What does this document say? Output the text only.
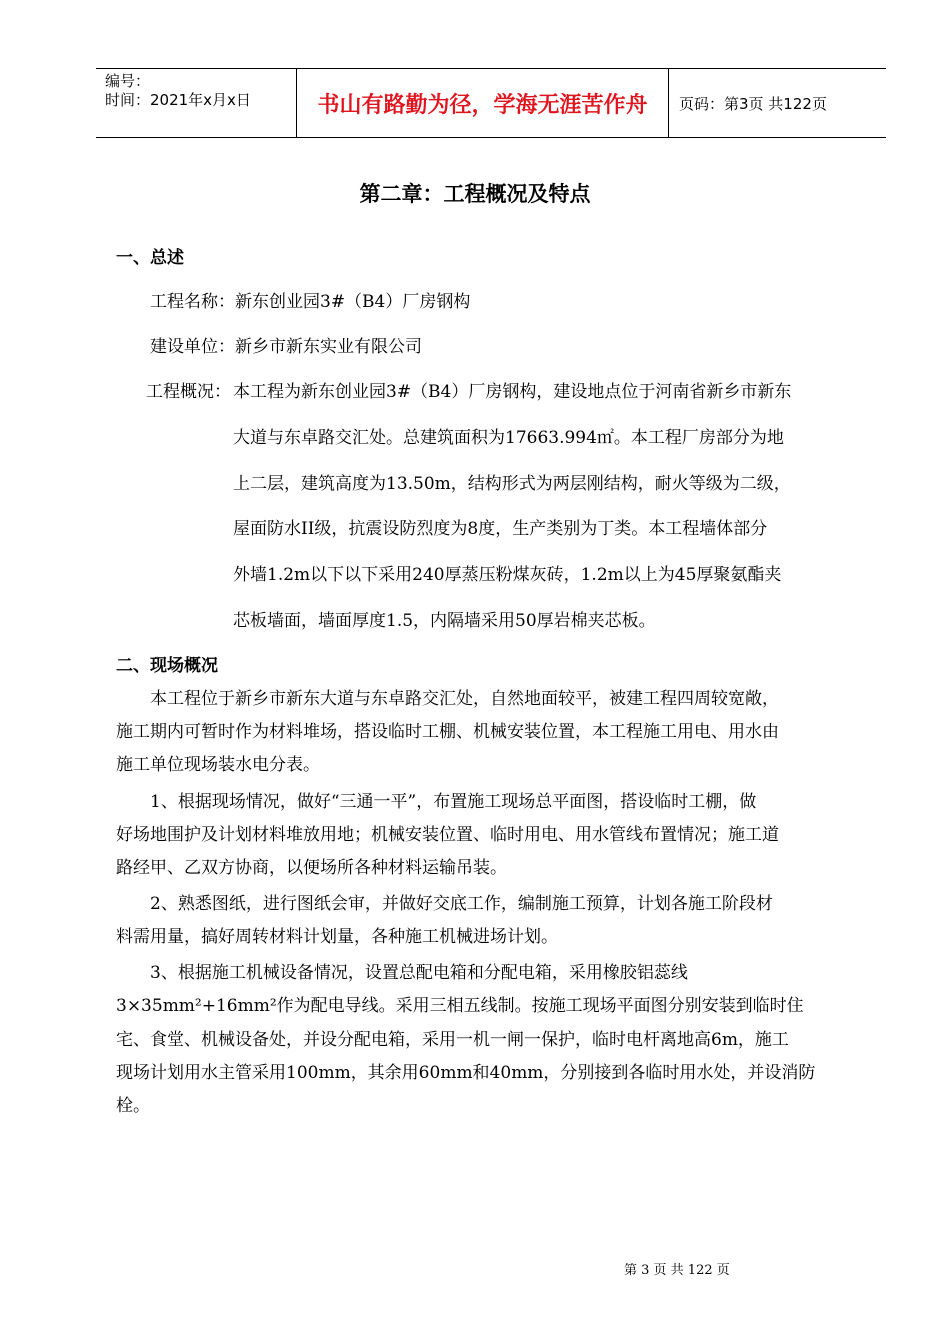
编号：
时间：2021年x月x日	书山有路勤为径，学海无涯苦作舟	页码：第3页 共122页
第二章：工程概况及特点
一、总述
工程名称：新东创业园3#（B4）厂房钢构
建设单位：新乡市新东实业有限公司
工程概况： 本工程为新东创业园3#（B4）厂房钢构，建设地点位于河南省新乡市新东
大道与东卓路交汇处。总建筑面积为17663.994㎡。本工程厂房部分为地
上二层，建筑高度为13.50m，结构形式为两层刚结构，耐火等级为二级，
屋面防水II级，抗震设防烈度为8度，生产类别为丁类。本工程墙体部分
外墙1.2m以下以下采用240厚蒸压粉煤灰砖，1.2m以上为45厚聚氨酯夹
芯板墙面，墙面厚度1.5，内隔墙采用50厚岩棉夹芯板。
二、现场概况
本工程位于新乡市新东大道与东卓路交汇处，自然地面较平，被建工程四周较宽敞，
施工期内可暂时作为材料堆场，搭设临时工棚、机械安装位置，本工程施工用电、用水由
施工单位现场装水电分表。
1、根据现场情况，做好“三通一平”，布置施工现场总平面图，搭设临时工棚，做
好场地围护及计划材料堆放用地；机械安装位置、临时用电、用水管线布置情况；施工道
路经甲、乙双方协商，以便场所各种材料运输吊装。
2、熟悉图纸，进行图纸会审，并做好交底工作，编制施工预算，计划各施工阶段材
料需用量，搞好周转材料计划量，各种施工机械进场计划。
3、根据施工机械设备情况，设置总配电箱和分配电箱，采用橡胶铝蕊线
3×35mm²+16mm²作为配电导线。采用三相五线制。按施工现场平面图分别安装到临时住
宅、食堂、机械设备处，并设分配电箱，采用一机一闸一保护，临时电杆离地高6m，施工
现场计划用水主管采用100mm，其余用60mm和40mm，分别接到各临时用水处，并设消防
栓。
第 3 页 共 122 页
